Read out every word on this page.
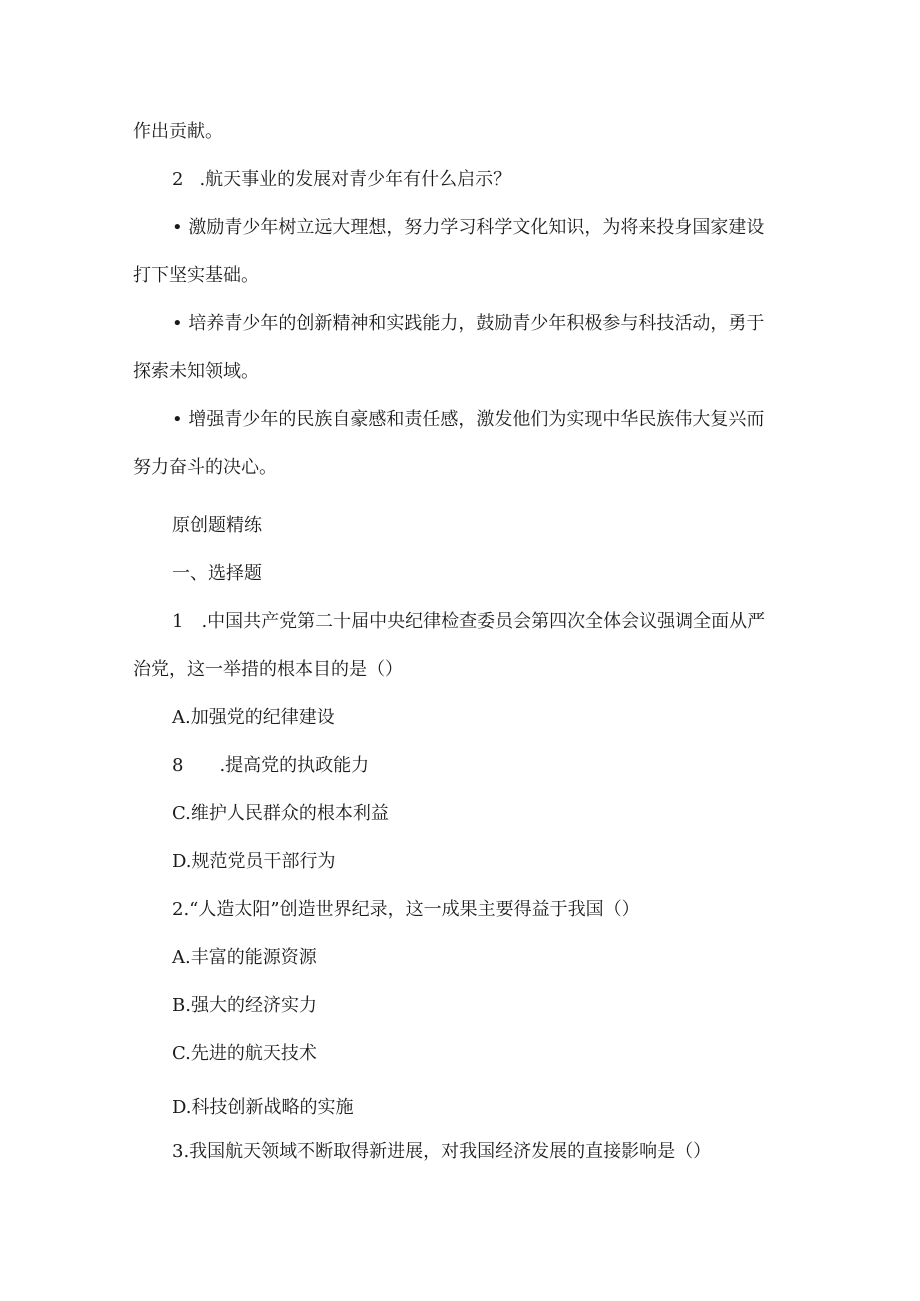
作出贡献。
2 .航天事业的发展对青少年有什么启示？
• 激励青少年树立远大理想，努力学习科学文化知识，为将来投身国家建设
打下坚实基础。
• 培养青少年的创新精神和实践能力，鼓励青少年积极参与科技活动，勇于
探索未知领域。
• 增强青少年的民族自豪感和责任感，激发他们为实现中华民族伟大复兴而
努力奋斗的决心。
原创题精练
一、选择题
1 .中国共产党第二十届中央纪律检查委员会第四次全体会议强调全面从严
治党，这一举措的根本目的是（）
A.加强党的纪律建设
8 .提高党的执政能力
C.维护人民群众的根本利益
D.规范党员干部行为
2.“人造太阳”创造世界纪录，这一成果主要得益于我国（）
A.丰富的能源资源
B.强大的经济实力
C.先进的航天技术
D.科技创新战略的实施
3.我国航天领域不断取得新进展，对我国经济发展的直接影响是（）
